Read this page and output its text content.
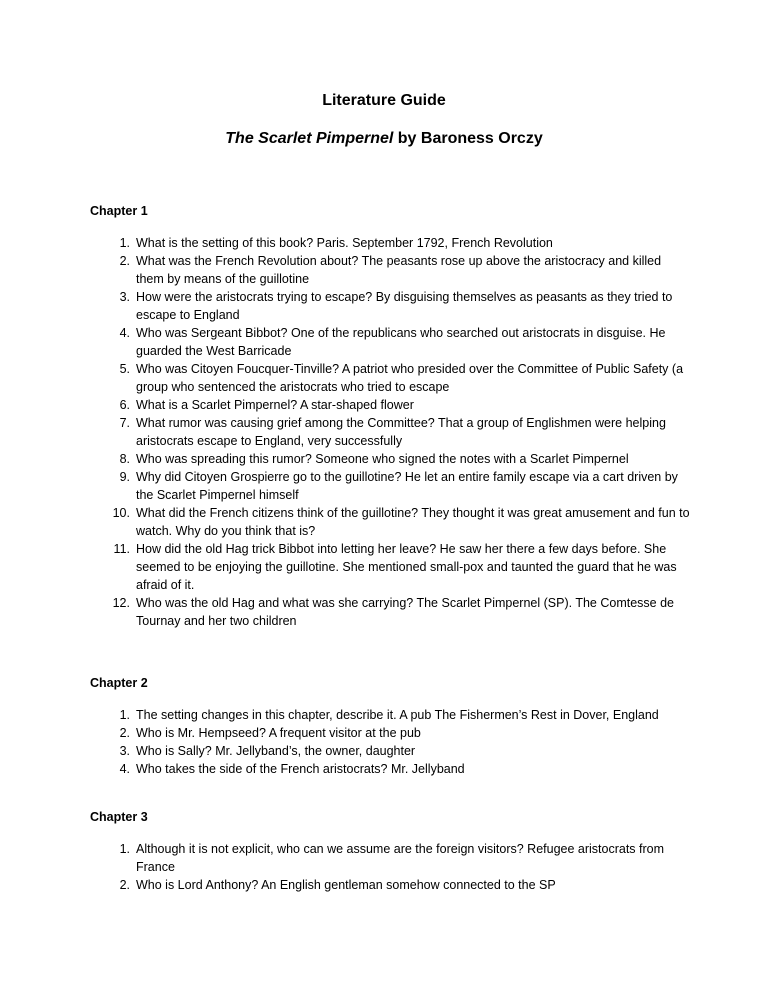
Literature Guide
The Scarlet Pimpernel by Baroness Orczy
Chapter 1
1. What is the setting of this book? Paris. September 1792, French Revolution
2. What was the French Revolution about? The peasants rose up above the aristocracy and killed them by means of the guillotine
3. How were the aristocrats trying to escape? By disguising themselves as peasants as they tried to escape to England
4. Who was Sergeant Bibbot? One of the republicans who searched out aristocrats in disguise. He guarded the West Barricade
5. Who was Citoyen Foucquer-Tinville? A patriot who presided over the Committee of Public Safety (a group who sentenced the aristocrats who tried to escape
6. What is a Scarlet Pimpernel? A star-shaped flower
7. What rumor was causing grief among the Committee? That a group of Englishmen were helping aristocrats escape to England, very successfully
8. Who was spreading this rumor? Someone who signed the notes with a Scarlet Pimpernel
9. Why did Citoyen Grospierre go to the guillotine? He let an entire family escape via a cart driven by the Scarlet Pimpernel himself
10. What did the French citizens think of the guillotine? They thought it was great amusement and fun to watch. Why do you think that is?
11. How did the old Hag trick Bibbot into letting her leave? He saw her there a few days before. She seemed to be enjoying the guillotine. She mentioned small-pox and taunted the guard that he was afraid of it.
12. Who was the old Hag and what was she carrying? The Scarlet Pimpernel (SP). The Comtesse de Tournay and her two children
Chapter 2
1. The setting changes in this chapter, describe it. A pub The Fishermen’s Rest in Dover, England
2. Who is Mr. Hempseed? A frequent visitor at the pub
3. Who is Sally? Mr. Jellyband’s, the owner, daughter
4. Who takes the side of the French aristocrats? Mr. Jellyband
Chapter 3
1. Although it is not explicit, who can we assume are the foreign visitors? Refugee aristocrats from France
2. Who is Lord Anthony? An English gentleman somehow connected to the SP
